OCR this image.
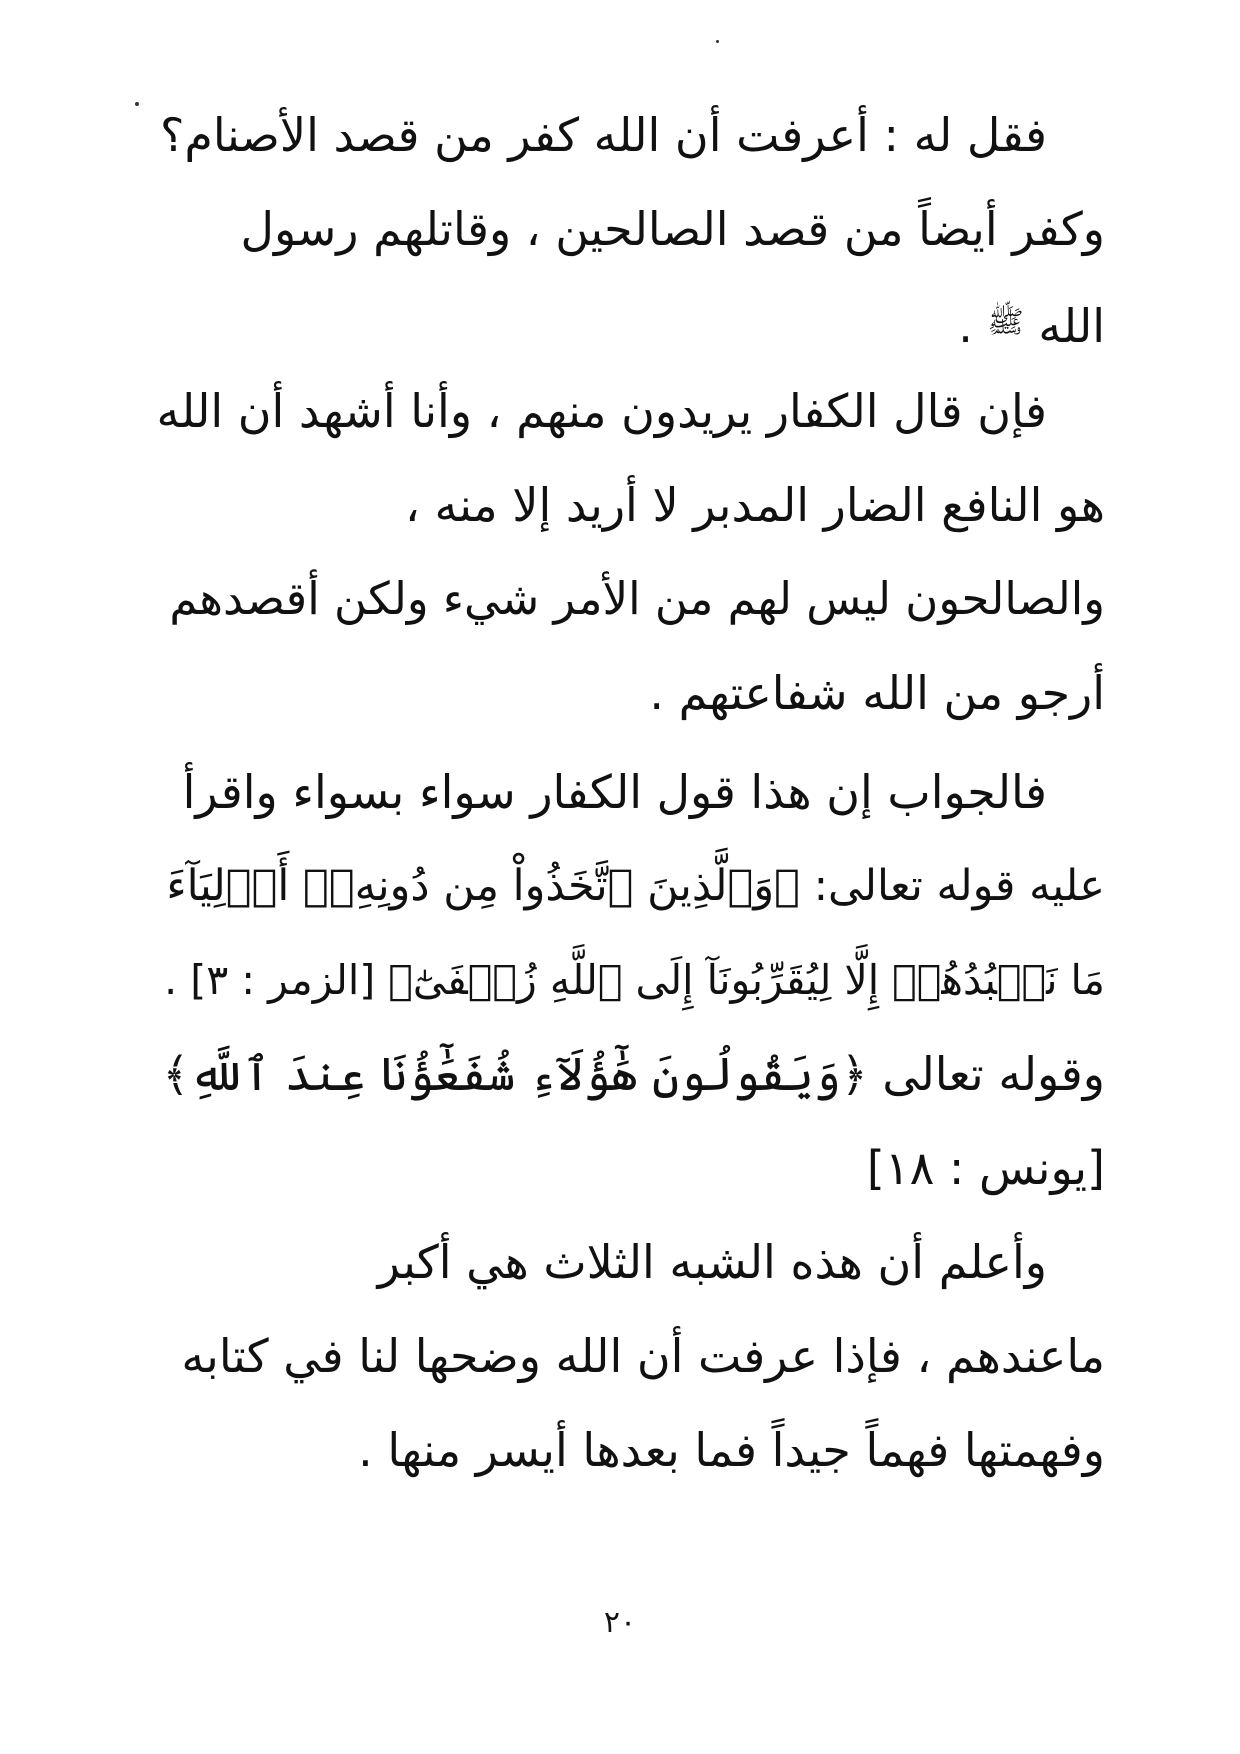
فقل له : أعرفت أن الله كفر من قصد الأصنام؟
وكفر أيضاً من قصد الصالحين ، وقاتلهم رسول
الله $^ﷺ$ .
فإن قال الكفار يريدون منهم ، وأنا أشهد أن الله
هو النافع الضار المدبر لا أريد إلا منه ،
والصالحون ليس لهم من الأمر شيء ولكن أقصدهم
أرجو من الله شفاعتهم .
فالجواب إن هذا قول الكفار سواء بسواء واقرأ
عليه قوله تعالى: ﴿وَٱلَّذِينَ ٱتَّخَذُواْ مِن دُونِهِۦٓ أَوۡلِيَآءَ
مَا نَعۡبُدُهُمۡ إِلَّا لِيُقَرِّبُونَآ إِلَى ٱللَّهِ زُلۡفَىٰٓ﴾ [الزمر : ٣] .
وقوله تعالى ﴿وَيَقُولُونَ هَٰٓؤُلَآءِ شُفَعَٰٓؤُنَا عِندَ ٱللَّهِ﴾
[يونس : ١٨]
وأعلم أن هذه الشبه الثلاث هي أكبر
ماعندهم ، فإذا عرفت أن الله وضحها لنا في كتابه
وفهمتها فهماً جيداً فما بعدها أيسر منها .
٢٠
